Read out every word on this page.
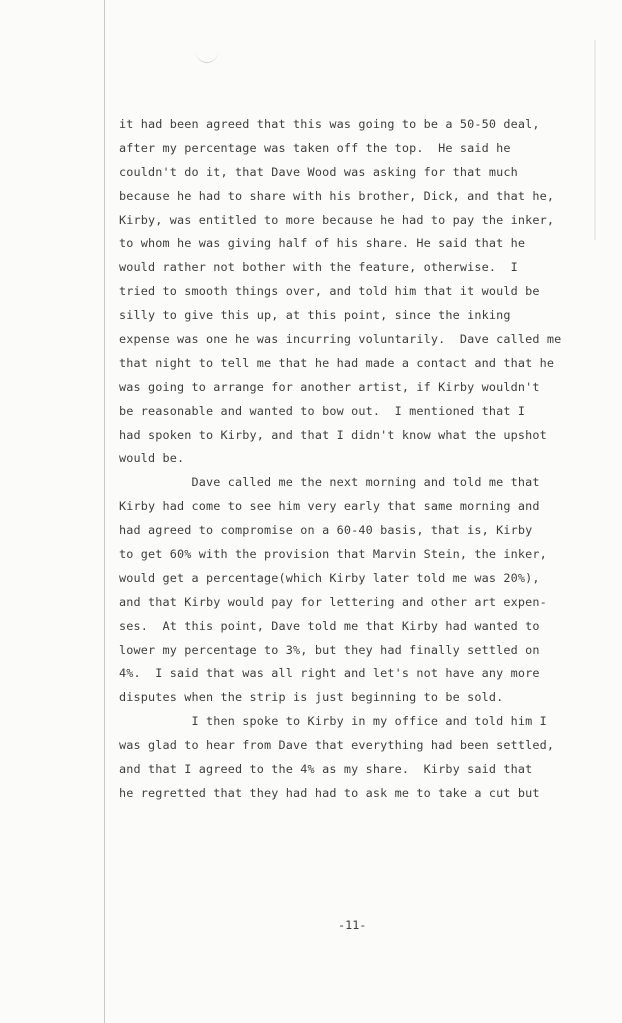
it had been agreed that this was going to be a 50-50 deal,
after my percentage was taken off the top.  He said he
couldn't do it, that Dave Wood was asking for that much
because he had to share with his brother, Dick, and that he,
Kirby, was entitled to more because he had to pay the inker,
to whom he was giving half of his share. He said that he
would rather not bother with the feature, otherwise.  I
tried to smooth things over, and told him that it would be
silly to give this up, at this point, since the inking
expense was one he was incurring voluntarily.  Dave called me
that night to tell me that he had made a contact and that he
was going to arrange for another artist, if Kirby wouldn't
be reasonable and wanted to bow out.  I mentioned that I
had spoken to Kirby, and that I didn't know what the upshot
would be.
Dave called me the next morning and told me that
Kirby had come to see him very early that same morning and
had agreed to compromise on a 60-40 basis, that is, Kirby
to get 60% with the provision that Marvin Stein, the inker,
would get a percentage(which Kirby later told me was 20%),
and that Kirby would pay for lettering and other art expen-
ses.  At this point, Dave told me that Kirby had wanted to
lower my percentage to 3%, but they had finally settled on
4%.  I said that was all right and let's not have any more
disputes when the strip is just beginning to be sold.
I then spoke to Kirby in my office and told him I
was glad to hear from Dave that everything had been settled,
and that I agreed to the 4% as my share.  Kirby said that
he regretted that they had had to ask me to take a cut but
-11-
